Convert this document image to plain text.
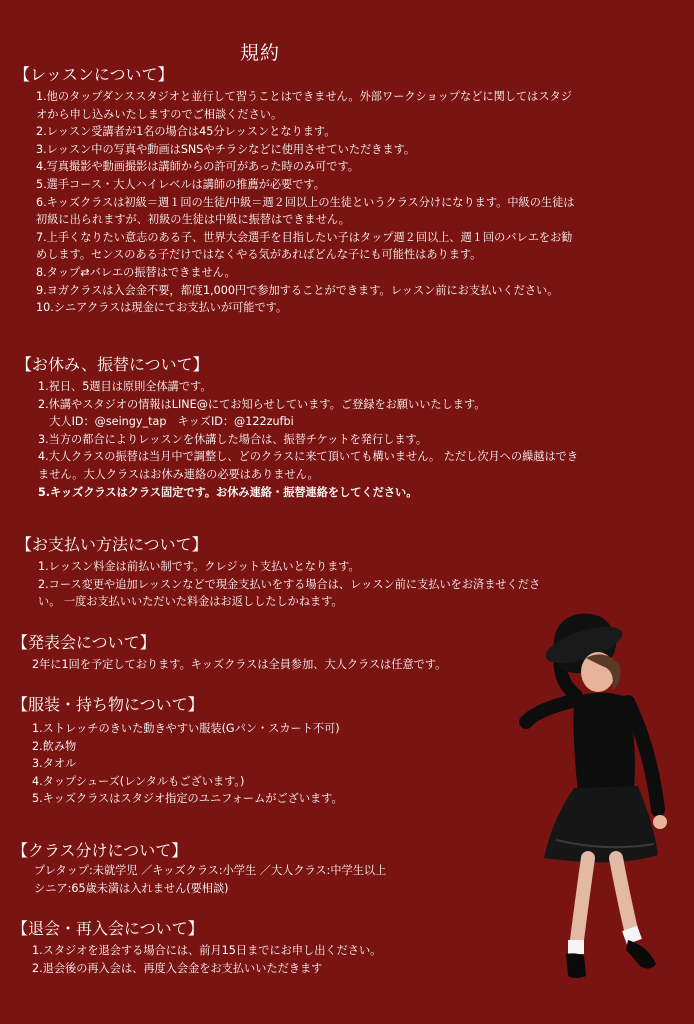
規約
【レッスンについて】

1.他のタップダンススタジオと並行して習うことはできません。外部ワークショップなどに関してはスタジ

オから申し込みいたしますのでご相談ください。

2.レッスン受講者が1名の場合は45分レッスンとなります。

3.レッスン中の写真や動画はSNSやチラシなどに使用させていただきます。

4.写真撮影や動画撮影は講師からの許可があった時のみ可です。

5.選手コース・大人ハイレベルは講師の推薦が必要です。

6.キッズクラスは初級＝週１回の生徒/中級＝週２回以上の生徒というクラス分けになります。中級の生徒は

初級に出られますが、初級の生徒は中級に振替はできません。

7.上手くなりたい意志のある子、世界大会選手を目指したい子はタップ週２回以上、週１回のバレエをお勧

めします。センスのある子だけではなくやる気があればどんな子にも可能性はあります。

8.タップ⇄バレエの振替はできません。

9.ヨガクラスは入会金不要，都度1,000円で参加することができます。レッスン前にお支払いください。

10.シニアクラスは現金にてお支払いが可能です。

【お休み、振替について】

1.祝日、5週目は原則全体講です。

2.休講やスタジオの情報はLINE@にてお知らせしています。ご登録をお願いいたします。

　大人ID：@seingy_tap　キッズID：@122zufbi

3.当方の都合によりレッスンを休講した場合は、振替チケットを発行します。

4.大人クラスの振替は当月中で調整し、どのクラスに来て頂いても構いません。 ただし次月への繰越はでき

ません。大人クラスはお休み連絡の必要はありません。

5.キッズクラスはクラス固定です。お休み連絡・振替連絡をしてください。

【お支払い方法について】

1.レッスン料金は前払い制です。クレジット支払いとなります。

2.コース変更や追加レッスンなどで現金支払いをする場合は、レッスン前に支払いをお済ませくださ

い。 一度お支払いいただいた料金はお返ししたしかねます。

【発表会について】

2年に1回を予定しております。キッズクラスは全員参加、大人クラスは任意です。

【服装・持ち物について】

1.ストレッチのきいた動きやすい服装(Gパン・スカート不可)

2.飲み物

3.タオル

4.タップシューズ(レンタルもございます。)

5.キッズクラスはスタジオ指定のユニフォームがございます。

【クラス分けについて】

プレタップ:未就学児 ／キッズクラス:小学生 ／大人クラス:中学生以上

シニア:65歳未満は入れません(要相談)

【退会・再入会について】

1.スタジオを退会する場合には、前月15日までにお申し出ください。

2.退会後の再入会は、再度入会金をお支払いいただきます
